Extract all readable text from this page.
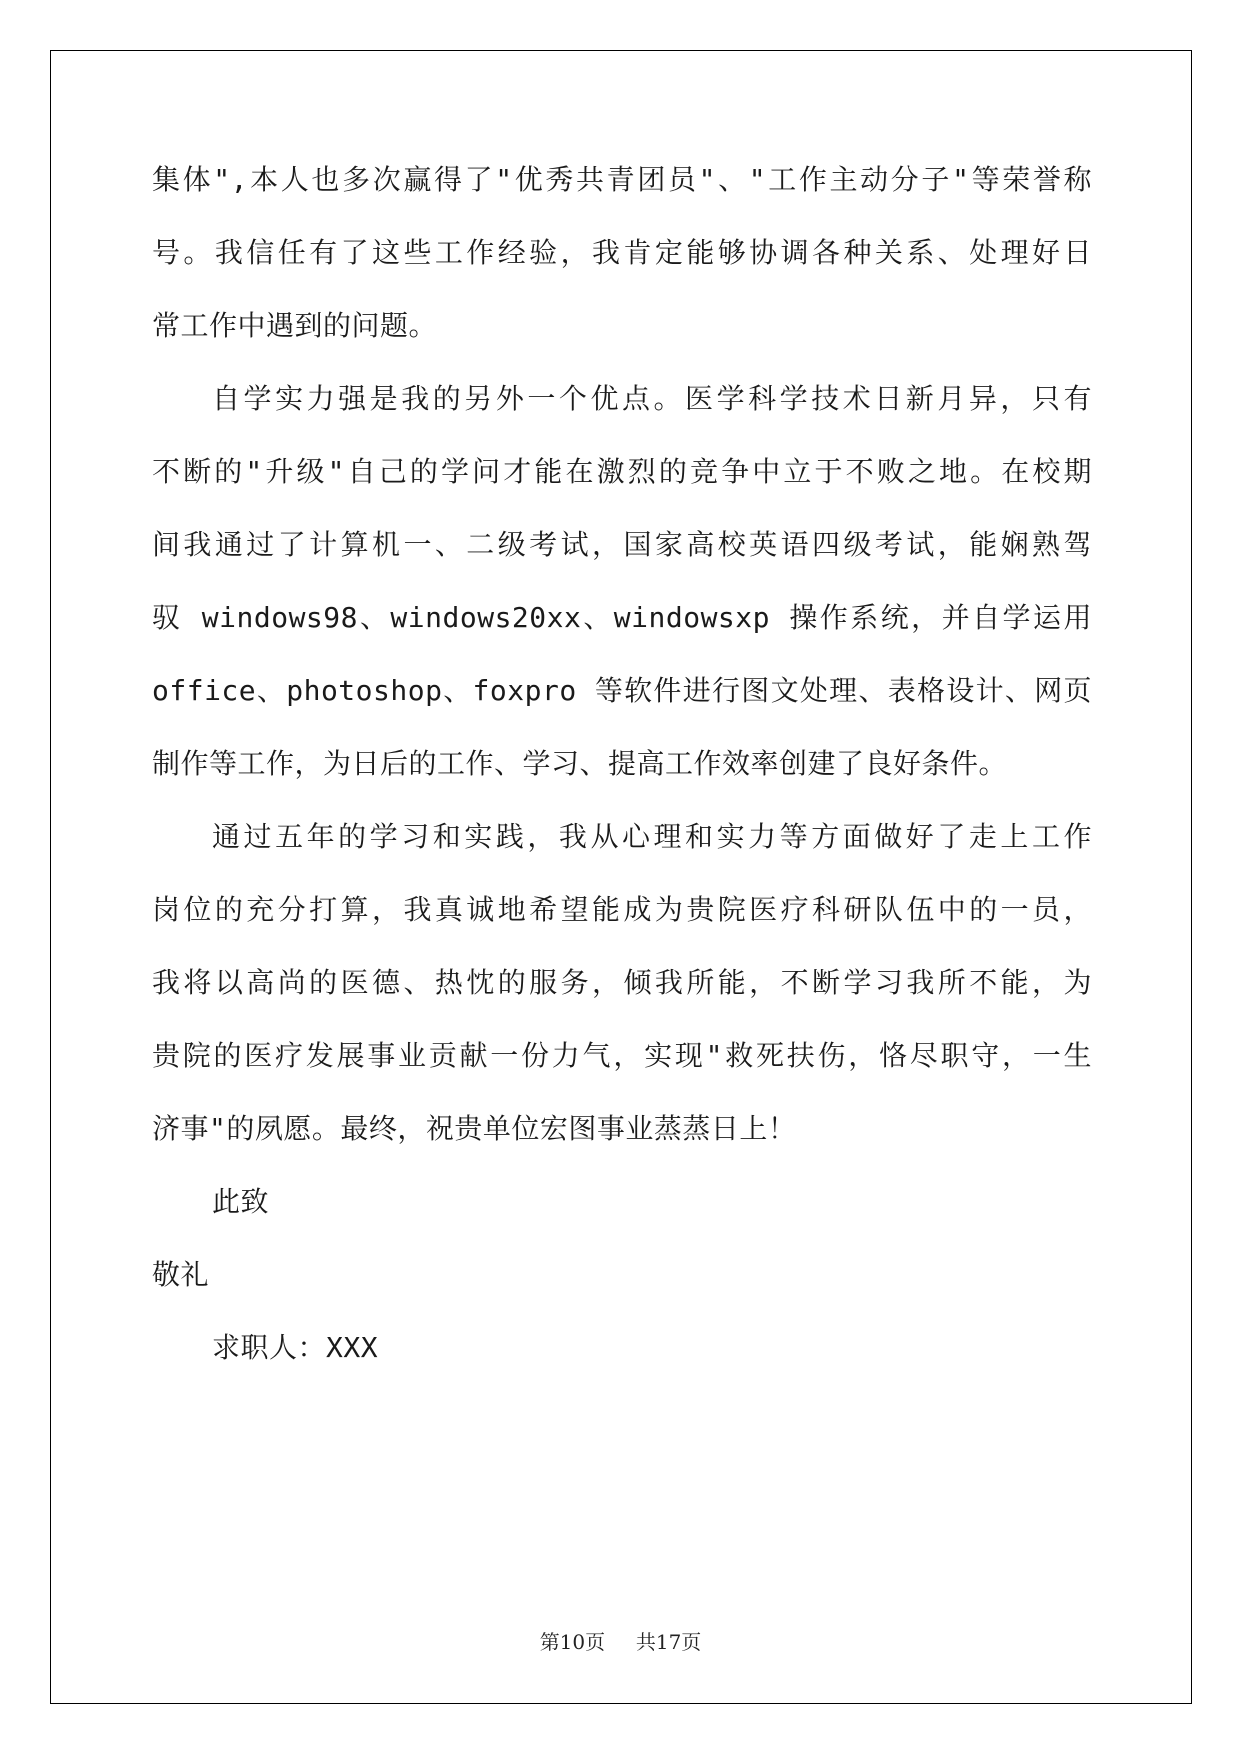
集体",本人也多次赢得了"优秀共青团员"、"工作主动分子"等荣誉称
号。我信任有了这些工作经验，我肯定能够协调各种关系、处理好日
常工作中遇到的问题。
自学实力强是我的另外一个优点。医学科学技术日新月异，只有
不断的"升级"自己的学问才能在激烈的竞争中立于不败之地。在校期
间我通过了计算机一、二级考试，国家高校英语四级考试，能娴熟驾
驭 windows98、windows20xx、windowsxp 操作系统，并自学运用
office、photoshop、foxpro 等软件进行图文处理、表格设计、网页
制作等工作，为日后的工作、学习、提高工作效率创建了良好条件。
通过五年的学习和实践，我从心理和实力等方面做好了走上工作
岗位的充分打算，我真诚地希望能成为贵院医疗科研队伍中的一员，
我将以高尚的医德、热忱的服务，倾我所能，不断学习我所不能，为
贵院的医疗发展事业贡献一份力气，实现"救死扶伤，恪尽职守，一生
济事"的夙愿。最终，祝贵单位宏图事业蒸蒸日上！
此致
敬礼
求职人：XXX
第10页 共17页
